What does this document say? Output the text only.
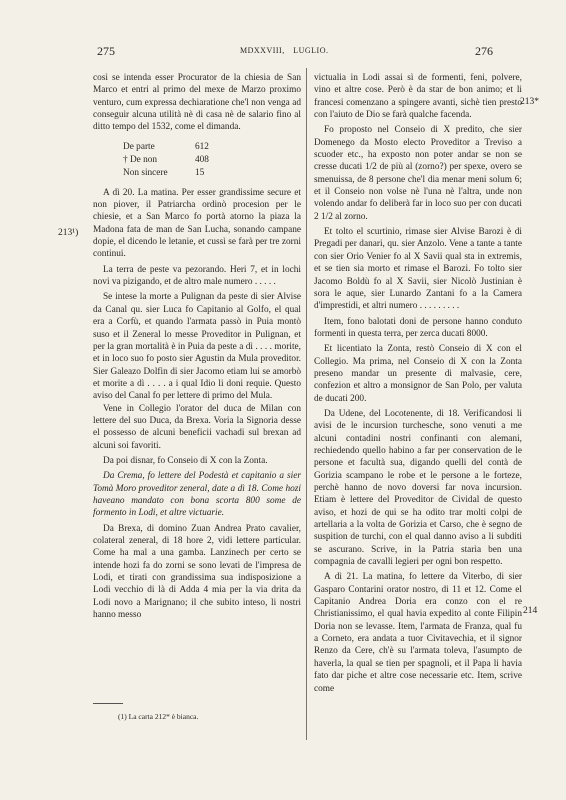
275	MDXXVIII, LUGLIO.	276
213¹)
213*
214

così se intenda esser Procurator de la chiesia de San Marco et entri al primo del mexe de Marzo proximo venturo, cum expressa dechiaratione che'l non venga ad conseguir alcuna utilità nè di casa nè de salario fino al ditto tempo del 1532, come el dimanda.

De parte	612
† De non	408
Non sincere	15

A dì 20. La matina. Per esser grandissime secure et non piover, il Patriarcha ordinò procesion per le chiesie, et a San Marco fo portà atorno la piaza la Madona fata de man de San Lucha, sonando campane dopie, el dicendo le letanie, et cussì se farà per tre zorni continui.

La terra de peste va pezorando. Heri 7, et in lochi novi va pizigando, et de altro male numero . . . . .

Se intese la morte a Pulignan da peste di sier Alvise da Canal qu. sier Luca fo Capitanio al Golfo, el qual era a Corfù, et quando l'armata passò in Puia montò suso et il Zeneral lo messe Proveditor in Pulignan, et per la gran mortalità è in Puia da peste a dì . . . . morite, et in loco suo fo posto sier Agustin da Mula proveditor. Sier Galeazo Dolfin di sier Jacomo etiam lui se amorbò et morite a dì . . . . a i qual Idio li doni requie. Questo aviso del Canal fo per lettere di primo del Mula.

Vene in Collegio l'orator del duca de Milan con lettere del suo Duca, da Brexa. Voria la Signoria desse el possesso de alcuni beneficii vachadi sul brexan ad alcuni soi favoriti.

Da poi disnar, fo Conseio di X con la Zonta.

Da Crema, fo lettere del Podestà et capitanio a sier Tomà Moro proveditor zeneral, date a dì 18. Come hozi haveano mandato con bona scorta 800 some de formento in Lodi, et altre victuarie.

Da Brexa, di domino Zuan Andrea Prato cavalier, colateral zeneral, di 18 hore 2, vidi lettere particular. Come ha mal a una gamba. Lanzinech per certo se intende hozi fa do zorni se sono levati de l'impresa de Lodi, et tirati con grandissima sua indisposizione a Lodi vecchio di là di Adda 4 mia per la via drita da Lodi novo a Marignano; il che subito inteso, li nostri hanno messo

(1) La carta 212* è bianca.

victualia in Lodi assai sì de formenti, feni, polvere, vino et altre cose. Però è da star de bon animo; et li francesi comenzano a spingere avanti, sichè tien presto con l'aiuto de Dio se farà qualche facenda.

Fo proposto nel Conseio di X predito, che sier Domenego da Mosto electo Proveditor a Treviso a scuoder etc., ha exposto non poter andar se non se cresse ducati 1/2 de più al (zorno?) per spexe, overo se smenuissa, de 8 persone che'l dia menar meni solum 6; et il Conseio non volse nè l'una nè l'altra, unde non volendo andar fo deliberà far in loco suo per con ducati 2 1/2 al zorno.

Et tolto el scurtinio, rimase sier Alvise Barozi è di Pregadi per danari, qu. sier Anzolo. Vene a tante a tante con sier Orio Venier fo al X Savii qual sta in extremis, et se tien sia morto et rimase el Barozi. Fo tolto sier Jacomo Boldù fo al X Savii, sier Nicolò Justinian è sora le aque, sier Lunardo Zantani fo a la Camera d'imprestidi, et altri numero . . . . . . . . .

Item, fono balotati doni de persone hanno conduto formenti in questa terra, per zerca ducati 8000.

Et licentiato la Zonta, restò Conseio di X con el Collegio. Ma prima, nel Conseio di X con la Zonta preseno mandar un presente di malvasie, cere, confezion et altro a monsignor de San Polo, per valuta de ducati 200.

Da Udene, del Locotenente, di 18. Verificandosi li avisi de le incursion turchesche, sono venuti a me alcuni contadini nostri confinanti con alemani, rechiedendo quello habino a far per conservation de le persone et facultà sua, digando quelli del contà de Gorizia scampano le robe et le persone a le forteze, perchè hanno de novo doversi far nova incursion. Etiam è lettere del Proveditor de Cividal de questo aviso, et hozi de qui se ha odito trar molti colpi de artellaria a la volta de Gorizia et Carso, che è segno de suspition de turchi, con el qual danno aviso a li subditi se ascurano. Scrive, in la Patria starìa ben una compagnia de cavalli legieri per ogni bon respetto.

A dì 21. La matina, fo lettere da Viterbo, di sier Gasparo Contarini orator nostro, di 11 et 12. Come el Capitanio Andrea Doria era conzo con el re Christianissimo, el qual havia expedito al conte Filipin Doria non se levasse. Item, l'armata de Franza, qual fu a Corneto, era andata a tuor Civitavechia, et il signor Renzo da Cere, ch'è su l'armata toleva, l'asumpto de haverla, la qual se tien per spagnoli, et il Papa li havia fato dar piche et altre cose necessarie etc. Item, scrive come
